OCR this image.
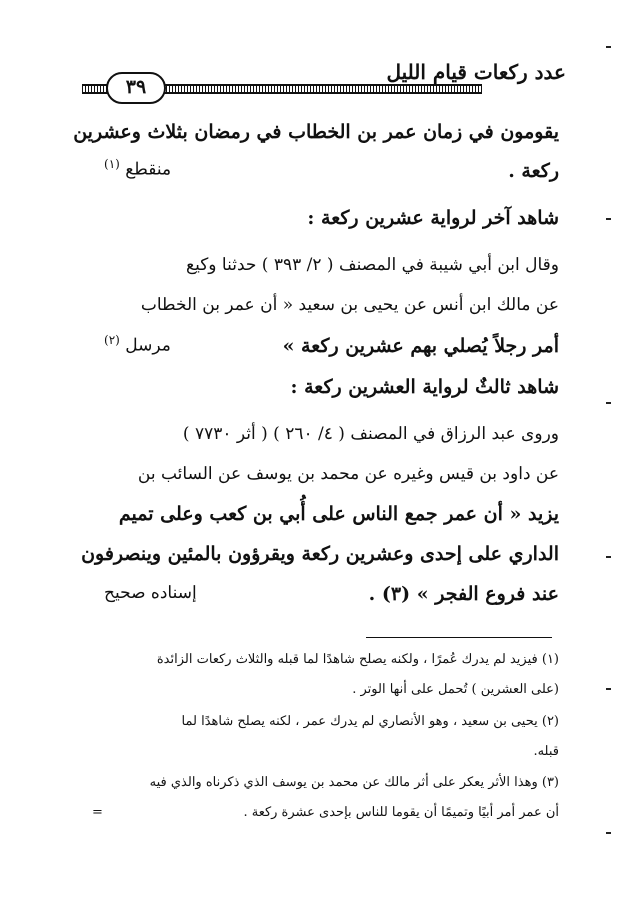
عدد ركعات قيام الليل
٣٩
يقومون في زمان عمر بن الخطاب في رمضان بثلاث وعشرين
ركعة .
منقطع $^{(١)}$
شاهد آخر لرواية عشرين ركعة :
وقال ابن أبي شيبة في المصنف ( ٢/ ٣٩٣ ) حدثنا وكيع
عن مالك ابن أنس عن يحيى بن سعيد « أن عمر بن الخطاب
أمر رجلاً يُصلي بهم عشرين ركعة »
مرسل $^{(٢)}$
شاهد ثالثٌ لرواية العشرين ركعة :
وروى عبد الرزاق في المصنف ( ٤/ ٢٦٠ ) ( أثر ٧٧٣٠ )
عن داود بن قيس وغيره عن محمد بن يوسف عن السائب بن
يزيد « أن عمر جمع الناس على أُبي بن كعب وعلى تميم
الداري على إحدى وعشرين ركعة ويقرؤون بالمئين وينصرفون
عند فروع الفجر » (٣) .
إسناده صحيح
(١) فيزيد لم يدرك عُمرًا ، ولكنه يصلح شاهدًا لما قبله والثلاث ركعات الزائدة
(على العشرين ) تُحمل على أنها الوتر .
(٢) يحيى بن سعيد ، وهو الأنصاري لم يدرك عمر ، لكنه يصلح شاهدًا لما
قبله.
(٣) وهذا الأثر يعكر على أثر مالك عن محمد بن يوسف الذي ذكرناه والذي فيه
أن عمر أمر أبيًا وتميمًا أن يقوما للناس بإحدى عشرة ركعة .
=
